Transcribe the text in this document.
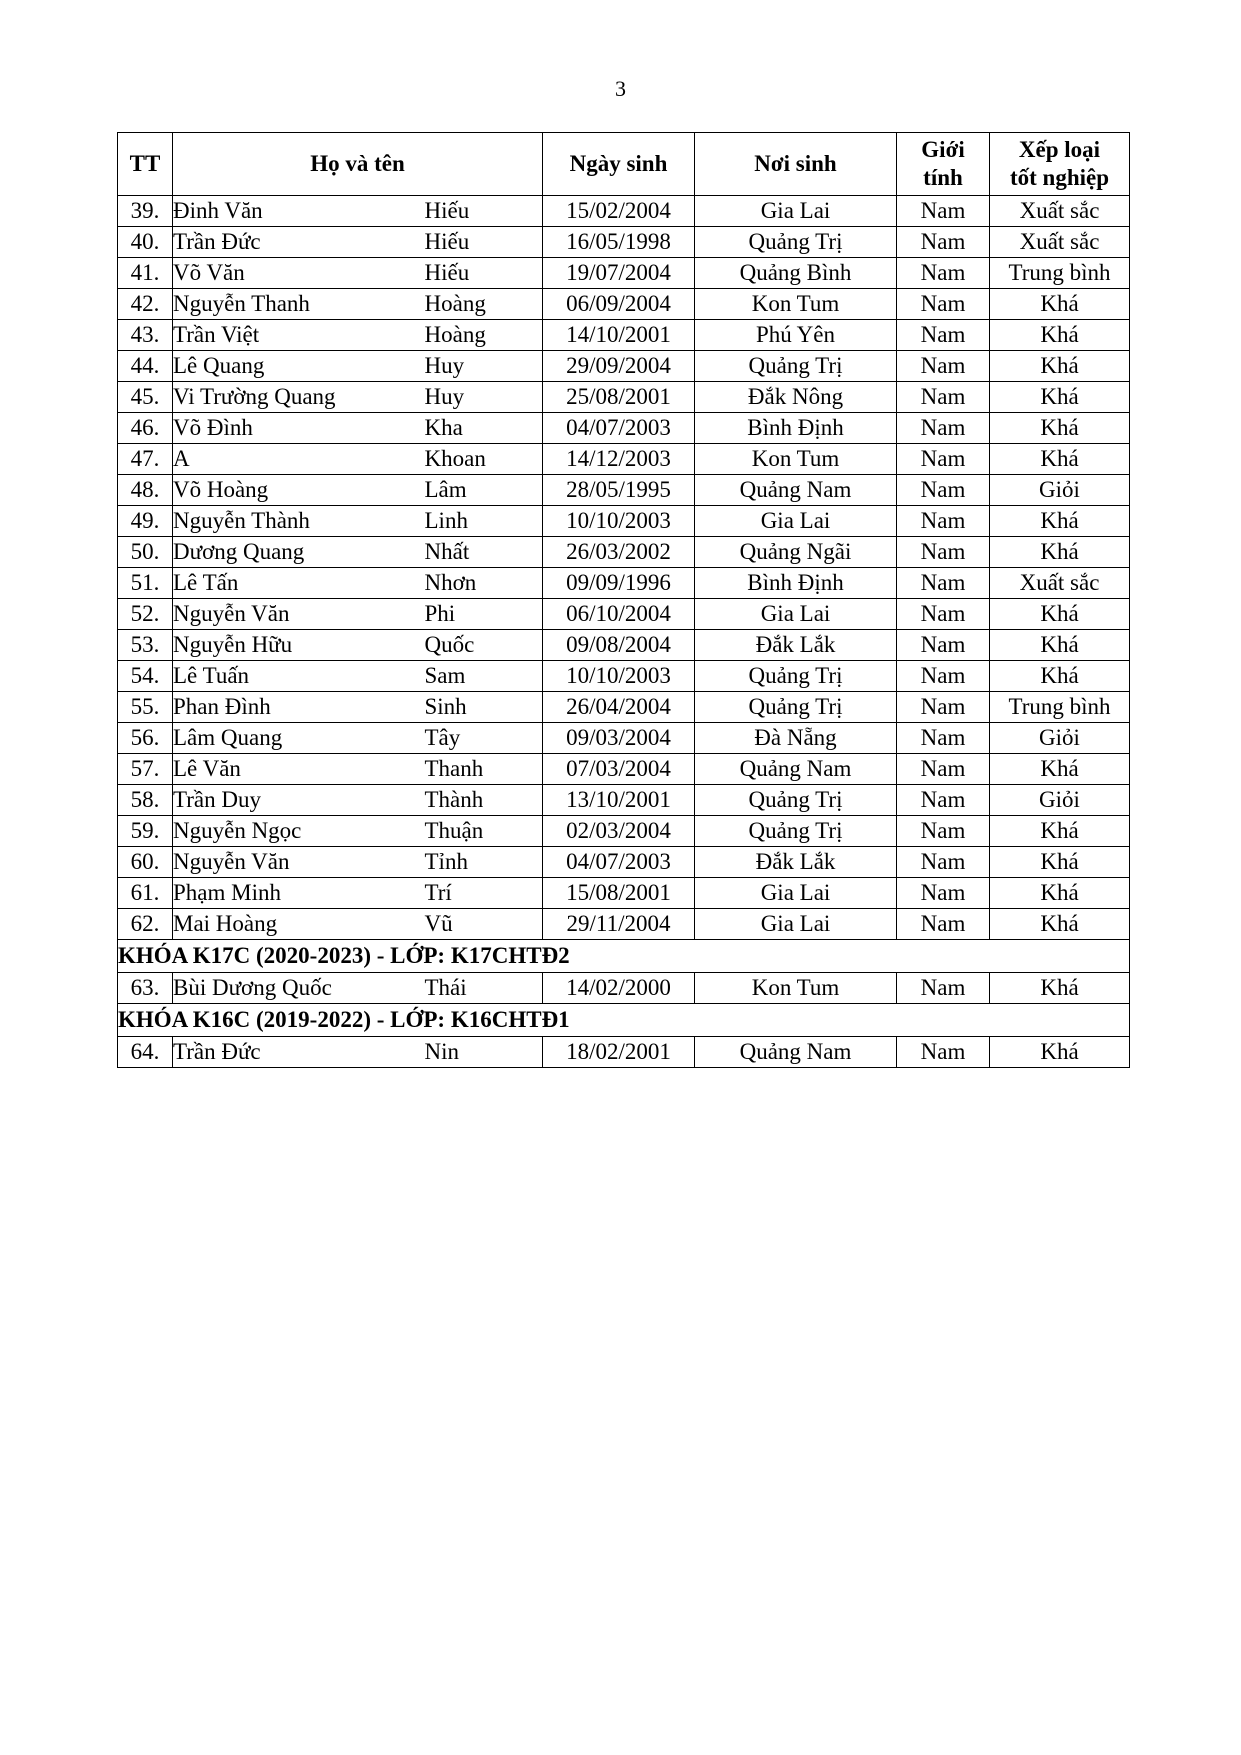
3
TT	Họ và tên		Ngày sinh	Nơi sinh	Giới
tính	Xếp loại
tốt nghiệp
39.	Đinh Văn	Hiếu	15/02/2004	Gia Lai	Nam	Xuất sắc
40.	Trần Đức	Hiếu	16/05/1998	Quảng Trị	Nam	Xuất sắc
41.	Võ Văn	Hiếu	19/07/2004	Quảng Bình	Nam	Trung bình
42.	Nguyễn Thanh	Hoàng	06/09/2004	Kon Tum	Nam	Khá
43.	Trần Việt	Hoàng	14/10/2001	Phú Yên	Nam	Khá
44.	Lê Quang	Huy	29/09/2004	Quảng Trị	Nam	Khá
45.	Vi Trường Quang	Huy	25/08/2001	Đắk Nông	Nam	Khá
46.	Võ Đình	Kha	04/07/2003	Bình Định	Nam	Khá
47.	A	Khoan	14/12/2003	Kon Tum	Nam	Khá
48.	Võ Hoàng	Lâm	28/05/1995	Quảng Nam	Nam	Giỏi
49.	Nguyễn Thành	Linh	10/10/2003	Gia Lai	Nam	Khá
50.	Dương Quang	Nhất	26/03/2002	Quảng Ngãi	Nam	Khá
51.	Lê Tấn	Nhơn	09/09/1996	Bình Định	Nam	Xuất sắc
52.	Nguyễn Văn	Phi	06/10/2004	Gia Lai	Nam	Khá
53.	Nguyễn Hữu	Quốc	09/08/2004	Đắk Lắk	Nam	Khá
54.	Lê Tuấn	Sam	10/10/2003	Quảng Trị	Nam	Khá
55.	Phan Đình	Sinh	26/04/2004	Quảng Trị	Nam	Trung bình
56.	Lâm Quang	Tây	09/03/2004	Đà Nẵng	Nam	Giỏi
57.	Lê Văn	Thanh	07/03/2004	Quảng Nam	Nam	Khá
58.	Trần Duy	Thành	13/10/2001	Quảng Trị	Nam	Giỏi
59.	Nguyễn Ngọc	Thuận	02/03/2004	Quảng Trị	Nam	Khá
60.	Nguyễn Văn	Tỉnh	04/07/2003	Đắk Lắk	Nam	Khá
61.	Phạm Minh	Trí	15/08/2001	Gia Lai	Nam	Khá
62.	Mai Hoàng	Vũ	29/11/2004	Gia Lai	Nam	Khá
KHÓA K17C (2020-2023) - LỚP: K17CHTĐ2						
63.	Bùi Dương Quốc	Thái	14/02/2000	Kon Tum	Nam	Khá
KHÓA K16C (2019-2022) - LỚP: K16CHTĐ1						
64.	Trần Đức	Nin	18/02/2001	Quảng Nam	Nam	Khá
